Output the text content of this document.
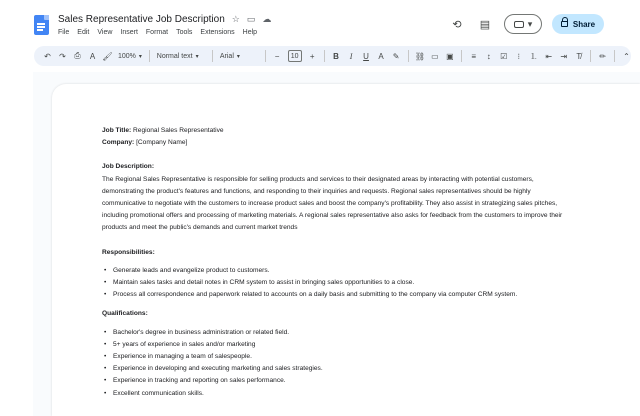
Sales Representative Job Description ☆ ▭ ☁
File Edit View Insert Format Tools Extensions Help
⟲	▤	▾	Share
↶ ↷ ⎙ A 🖌 100% ▾ Normal text ▾	Arial ▾	−	10	+ B	I	U A ✎ ⛓ ▭ ▣ ≡	↕	☑	⁝	⒈ ⇤ ⇥ T̸ ✏ ⌃

Job Title: Regional Sales Representative

Company: [Company Name]

Job Description:

The Regional Sales Representative is responsible for selling products and services to their designated areas by interacting with potential customers, demonstrating the product's features and functions, and responding to their inquiries and requests. Regional sales representatives should be highly communicative to negotiate with the customers to increase product sales and boost the company's profitability. They also assist in strategizing sales pitches, including promotional offers and processing of marketing materials. A regional sales representative also asks for feedback from the customers to improve their products and meet the public's demands and current market trends

Responsibilities:

• Generate leads and evangelize product to customers.
• Maintain sales tasks and detail notes in CRM system to assist in bringing sales opportunities to a close.
• Process all correspondence and paperwork related to accounts on a daily basis and submitting to the company via computer CRM system.

Qualifications:

• Bachelor's degree in business administration or related field.
• 5+ years of experience in sales and/or marketing
• Experience in managing a team of salespeople.
• Experience in developing and executing marketing and sales strategies.
• Experience in tracking and reporting on sales performance.
• Excellent communication skills.
